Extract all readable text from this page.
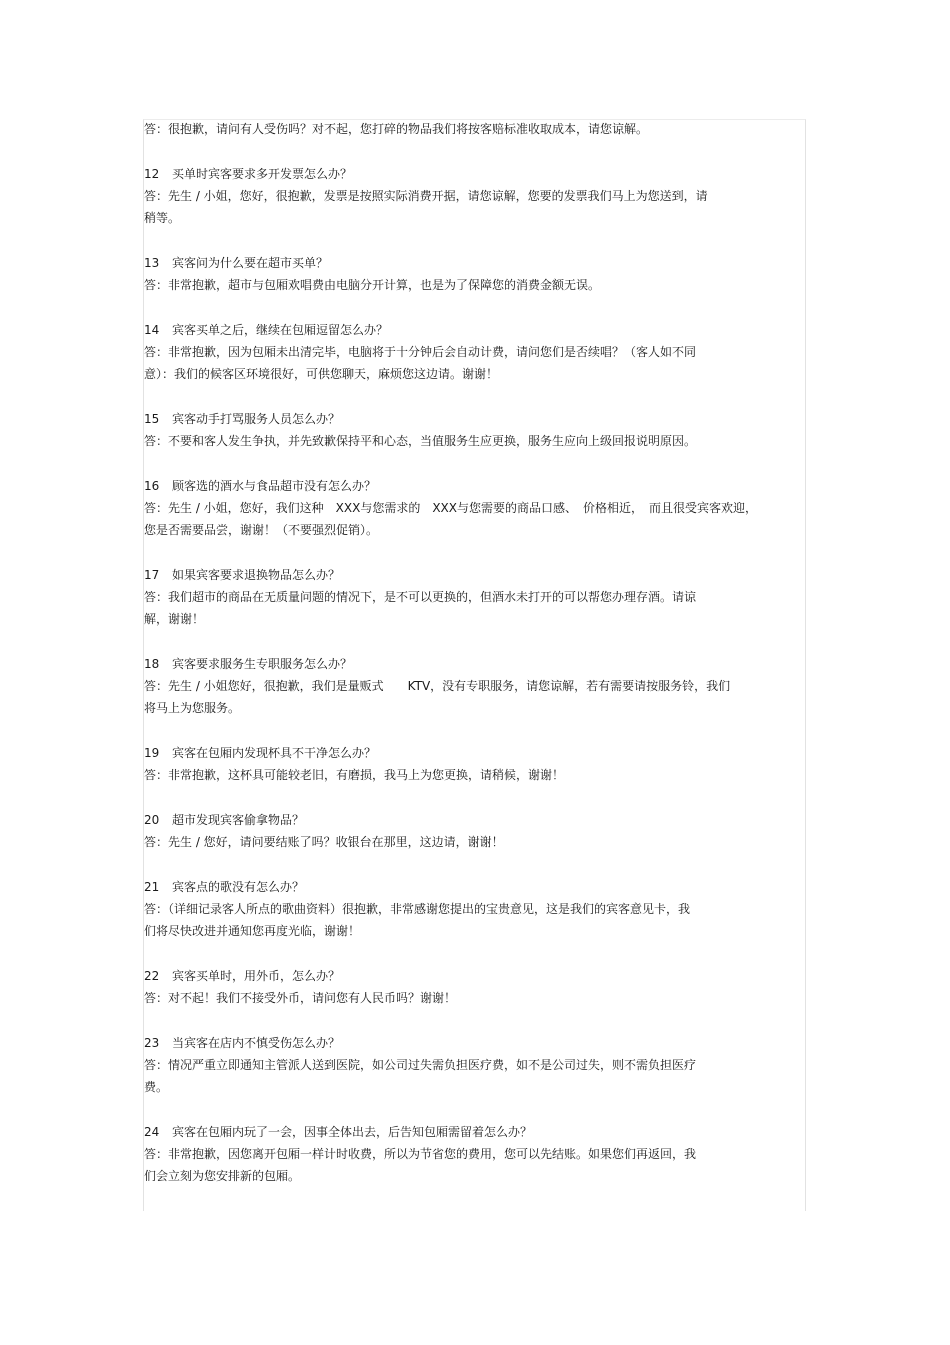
答：很抱歉，请问有人受伤吗？对不起，您打碎的物品我们将按客赔标准收取成本，请您谅解。
12 买单时宾客要求多开发票怎么办？
答：先生 / 小姐，您好，很抱歉，发票是按照实际消费开据，请您谅解，您要的发票我们马上为您送到，请
稍等。
13 宾客问为什么要在超市买单？
答：非常抱歉，超市与包厢欢唱费由电脑分开计算，也是为了保障您的消费金额无误。
14 宾客买单之后，继续在包厢逗留怎么办？
答：非常抱歉，因为包厢未出清完毕，电脑将于十分钟后会自动计费，请问您们是否续唱？（客人如不同
意）：我们的候客区环境很好，可供您聊天，麻烦您这边请。谢谢！
15 宾客动手打骂服务人员怎么办？
答：不要和客人发生争执，并先致歉保持平和心态，当值服务生应更换，服务生应向上级回报说明原因。
16 顾客选的酒水与食品超市没有怎么办？
答：先生 / 小姐，您好，我们这种　XXX与您需求的　XXX与您需要的商品口感、　价格相近，　而且很受宾客欢迎，
您是否需要品尝，谢谢！（不要强烈促销）。
17 如果宾客要求退换物品怎么办？
答：我们超市的商品在无质量问题的情况下，是不可以更换的，但酒水未打开的可以帮您办理存酒。请谅
解，谢谢！
18 宾客要求服务生专职服务怎么办？
答：先生 / 小姐您好，很抱歉，我们是量贩式　　KTV，没有专职服务，请您谅解，若有需要请按服务铃，我们
将马上为您服务。
19 宾客在包厢内发现杯具不干净怎么办？
答：非常抱歉，这杯具可能较老旧，有磨损，我马上为您更换，请稍候，谢谢！
20 超市发现宾客偷拿物品？
答：先生 / 您好，请问要结账了吗？收银台在那里，这边请，谢谢！
21 宾客点的歌没有怎么办？
答：（详细记录客人所点的歌曲资料）很抱歉，非常感谢您提出的宝贵意见，这是我们的宾客意见卡，我
们将尽快改进并通知您再度光临，谢谢！
22 宾客买单时，用外币，怎么办？
答：对不起！我们不接受外币，请问您有人民币吗？谢谢！
23 当宾客在店内不慎受伤怎么办？
答：情况严重立即通知主管派人送到医院，如公司过失需负担医疗费，如不是公司过失，则不需负担医疗
费。
24 宾客在包厢内玩了一会，因事全体出去，后告知包厢需留着怎么办？
答：非常抱歉，因您离开包厢一样计时收费，所以为节省您的费用，您可以先结账。如果您们再返回，我
们会立刻为您安排新的包厢。
